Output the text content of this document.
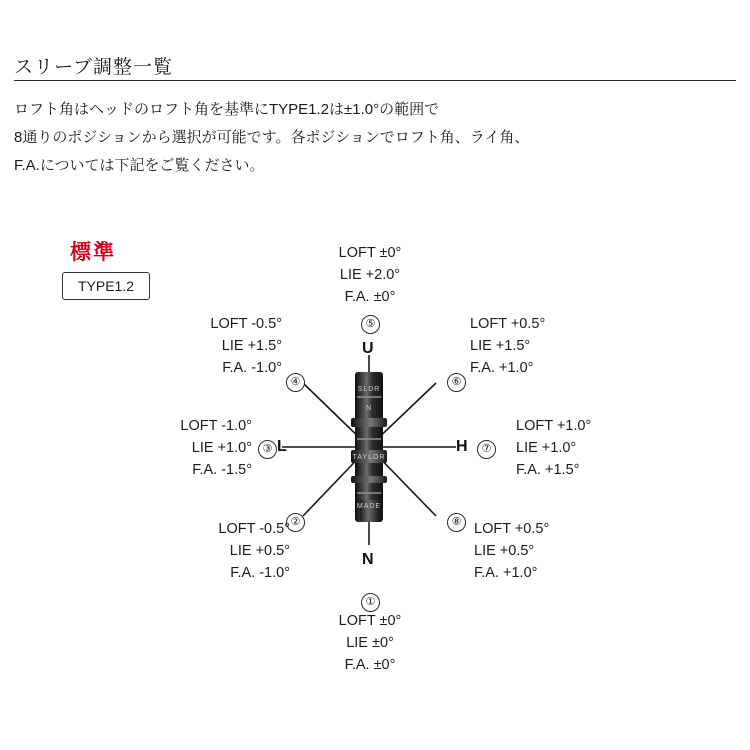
スリーブ調整一覧
ロフト角はヘッドのロフト角を基準にTYPE1.2は±1.0°の範囲で
8通りのポジションから選択が可能です。各ポジションでロフト角、ライ角、
F.A.については下記をご覧ください。
標準
TYPE1.2
SLDR
N
TAYLOR
MADE
U
N
L	H
①
②
③
④
⑤
⑥
⑦
⑧
LOFT ±0°
LIE ±0°
F.A. ±0°
LOFT -0.5°
LIE +0.5°
F.A. -1.0°
LOFT -1.0°
LIE +1.0°
F.A. -1.5°
LOFT -0.5°
LIE +1.5°
F.A. -1.0°
LOFT ±0°
LIE +2.0°
F.A. ±0°
LOFT +0.5°
LIE +1.5°
F.A. +1.0°
LOFT +1.0°
LIE +1.0°
F.A. +1.5°
LOFT +0.5°
LIE +0.5°
F.A. +1.0°
